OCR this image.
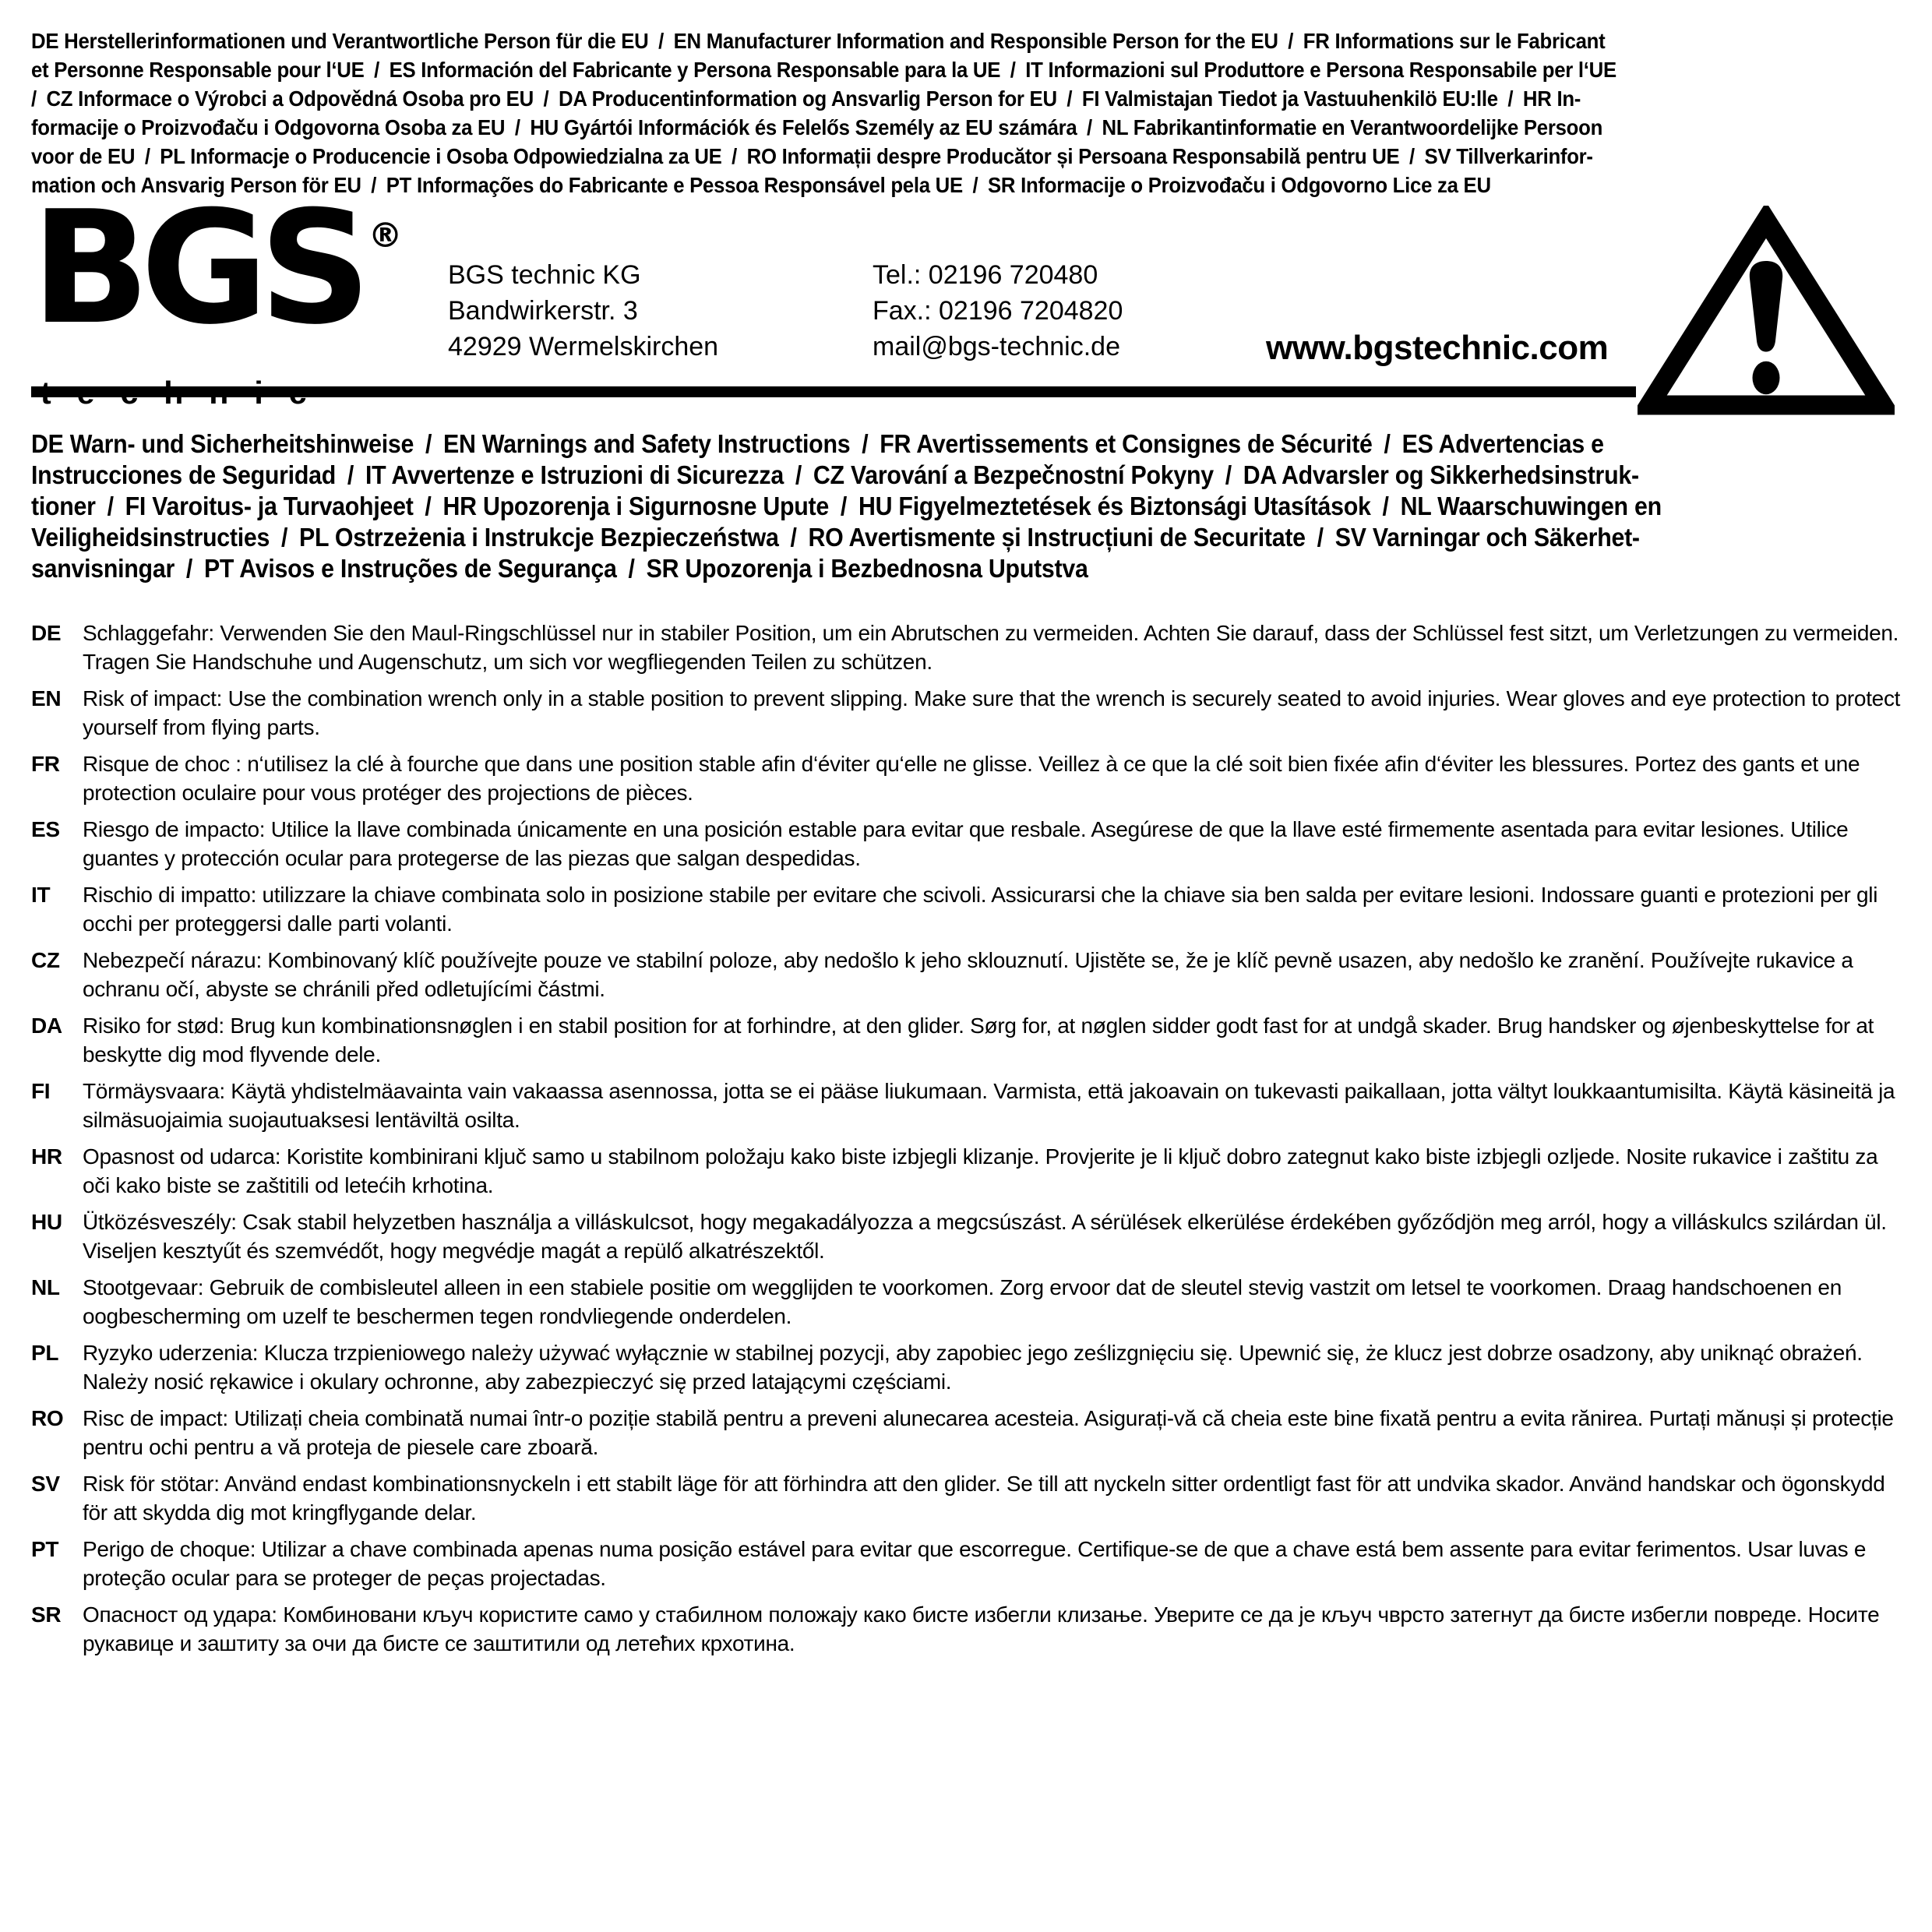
DE Herstellerinformationen und Verantwortliche Person für die EU / EN Manufacturer Information and Responsible Person for the EU / FR Informations sur le Fabricant
et Personne Responsable pour l‘UE / ES Información del Fabricante y Persona Responsable para la UE / IT Informazioni sul Produttore e Persona Responsabile per l‘UE
/ CZ Informace o Výrobci a Odpovědná Osoba pro EU / DA Producentinformation og Ansvarlig Person for EU / FI Valmistajan Tiedot ja Vastuuhenkilö EU:lle / HR In-
formacije o Proizvođaču i Odgovorna Osoba za EU / HU Gyártói Információk és Felelős Személy az EU számára / NL Fabrikantinformatie en Verantwoordelijke Persoon
voor de EU / PL Informacje o Producencie i Osoba Odpowiedzialna za UE / RO Informații despre Producător și Persoana Responsabilă pentru UE / SV Tillverkarinfor-
mation och Ansvarig Person för EU / PT Informações do Fabricante e Pessoa Responsável pela UE / SR Informacije o Proizvođaču i Odgovorno Lice za EU
BGS ®
technic
BGS technic KG
Bandwirkerstr. 3
42929 Wermelskirchen
Tel.: 02196 720480
Fax.: 02196 7204820
mail@bgs-technic.de	www.bgstechnic.com
DE Warn- und Sicherheitshinweise / EN Warnings and Safety Instructions / FR Avertissements et Consignes de Sécurité / ES Advertencias e
Instrucciones de Seguridad / IT Avvertenze e Istruzioni di Sicurezza / CZ Varování a Bezpečnostní Pokyny / DA Advarsler og Sikkerhedsinstruk-
tioner / FI Varoitus- ja Turvaohjeet / HR Upozorenja i Sigurnosne Upute / HU Figyelmeztetések és Biztonsági Utasítások / NL Waarschuwingen en
Veiligheidsinstructies / PL Ostrzeżenia i Instrukcje Bezpieczeństwa / RO Avertismente și Instrucțiuni de Securitate / SV Varningar och Säkerhet-
sanvisningar / PT Avisos e Instruções de Segurança / SR Upozorenja i Bezbednosna Uputstva
DE Schlaggefahr: Verwenden Sie den Maul-Ringschlüssel nur in stabiler Position, um ein Abrutschen zu vermeiden. Achten Sie darauf, dass der Schlüssel fest sitzt, um Verletzungen zu vermeiden. Tragen Sie Handschuhe und Augenschutz, um sich vor wegfliegenden Teilen zu schützen.
EN Risk of impact: Use the combination wrench only in a stable position to prevent slipping. Make sure that the wrench is securely seated to avoid injuries. Wear gloves and eye protection to protect yourself from flying parts.
FR	Risque de choc : n‘utilisez la clé à fourche que dans une position stable afin d‘éviter qu‘elle ne glisse. Veillez à ce que la clé soit bien fixée afin d‘éviter les blessures. Portez des gants et une protection oculaire pour vous protéger des projections de pièces.
ES	Riesgo de impacto: Utilice la llave combinada únicamente en una posición estable para evitar que resbale. Asegúrese de que la llave esté firmemente asentada para evitar lesiones. Utilice guantes y protección ocular para protegerse de las piezas que salgan despedidas.
IT	Rischio di impatto: utilizzare la chiave combinata solo in posizione stabile per evitare che scivoli. Assicurarsi che la chiave sia ben salda per evitare lesioni. Indossare guanti e protezioni per gli occhi per proteggersi dalle parti volanti.
CZ	Nebezpečí nárazu: Kombinovaný klíč používejte pouze ve stabilní poloze, aby nedošlo k jeho sklouznutí. Ujistěte se, že je klíč pevně usazen, aby nedošlo ke zranění. Používejte rukavice a ochranu očí, abyste se chránili před odletujícími částmi.
DA Risiko for stød: Brug kun kombinationsnøglen i en stabil position for at forhindre, at den glider. Sørg for, at nøglen sidder godt fast for at undgå skader. Brug handsker og øjenbeskyttelse for at beskytte dig mod flyvende dele.
FI	Törmäysvaara: Käytä yhdistelmäavainta vain vakaassa asennossa, jotta se ei pääse liukumaan. Varmista, että jakoavain on tukevasti paikallaan, jotta vältyt loukkaantumisilta. Käytä käsineitä ja silmäsuojaimia suojautuaksesi lentäviltä osilta.
HR Opasnost od udarca: Koristite kombinirani ključ samo u stabilnom položaju kako biste izbjegli klizanje. Provjerite je li ključ dobro zategnut kako biste izbjegli ozljede. Nosite rukavice i zaštitu za oči kako biste se zaštitili od letećih krhotina.
HU Ütközésveszély: Csak stabil helyzetben használja a villáskulcsot, hogy megakadályozza a megcsúszást. A sérülések elkerülése érdekében győződjön meg arról, hogy a villáskulcs szilárdan ül. Viseljen kesztyűt és szemvédőt, hogy megvédje magát a repülő alkatrészektől.
NL	Stootgevaar: Gebruik de combisleutel alleen in een stabiele positie om wegglijden te voorkomen. Zorg ervoor dat de sleutel stevig vastzit om letsel te voorkomen. Draag handschoenen en oogbescherming om uzelf te beschermen tegen rondvliegende onderdelen.
PL	Ryzyko uderzenia: Klucza trzpieniowego należy używać wyłącznie w stabilnej pozycji, aby zapobiec jego ześlizgnięciu się. Upewnić się, że klucz jest dobrze osadzony, aby uniknąć obrażeń. Należy nosić rękawice i okulary ochronne, aby zabezpieczyć się przed latającymi częściami.
RO Risc de impact: Utilizați cheia combinată numai într-o poziție stabilă pentru a preveni alunecarea acesteia. Asigurați-vă că cheia este bine fixată pentru a evita rănirea. Purtați mănuși și protecție pentru ochi pentru a vă proteja de piesele care zboară.
SV	Risk för stötar: Använd endast kombinationsnyckeln i ett stabilt läge för att förhindra att den glider. Se till att nyckeln sitter ordentligt fast för att undvika skador. Använd handskar och ögonskydd för att skydda dig mot kringflygande delar.
PT	Perigo de choque: Utilizar a chave combinada apenas numa posição estável para evitar que escorregue. Certifique-se de que a chave está bem assente para evitar ferimentos. Usar luvas e proteção ocular para se proteger de peças projectadas.
SR Опасност од удара: Комбиновани кључ користите само у стабилном положају како бисте избегли клизање. Уверите се да је кључ чврсто затегнут да бисте избегли повреде. Носите рукавице и заштиту за очи да бисте се заштитили од летећих крхотина.
